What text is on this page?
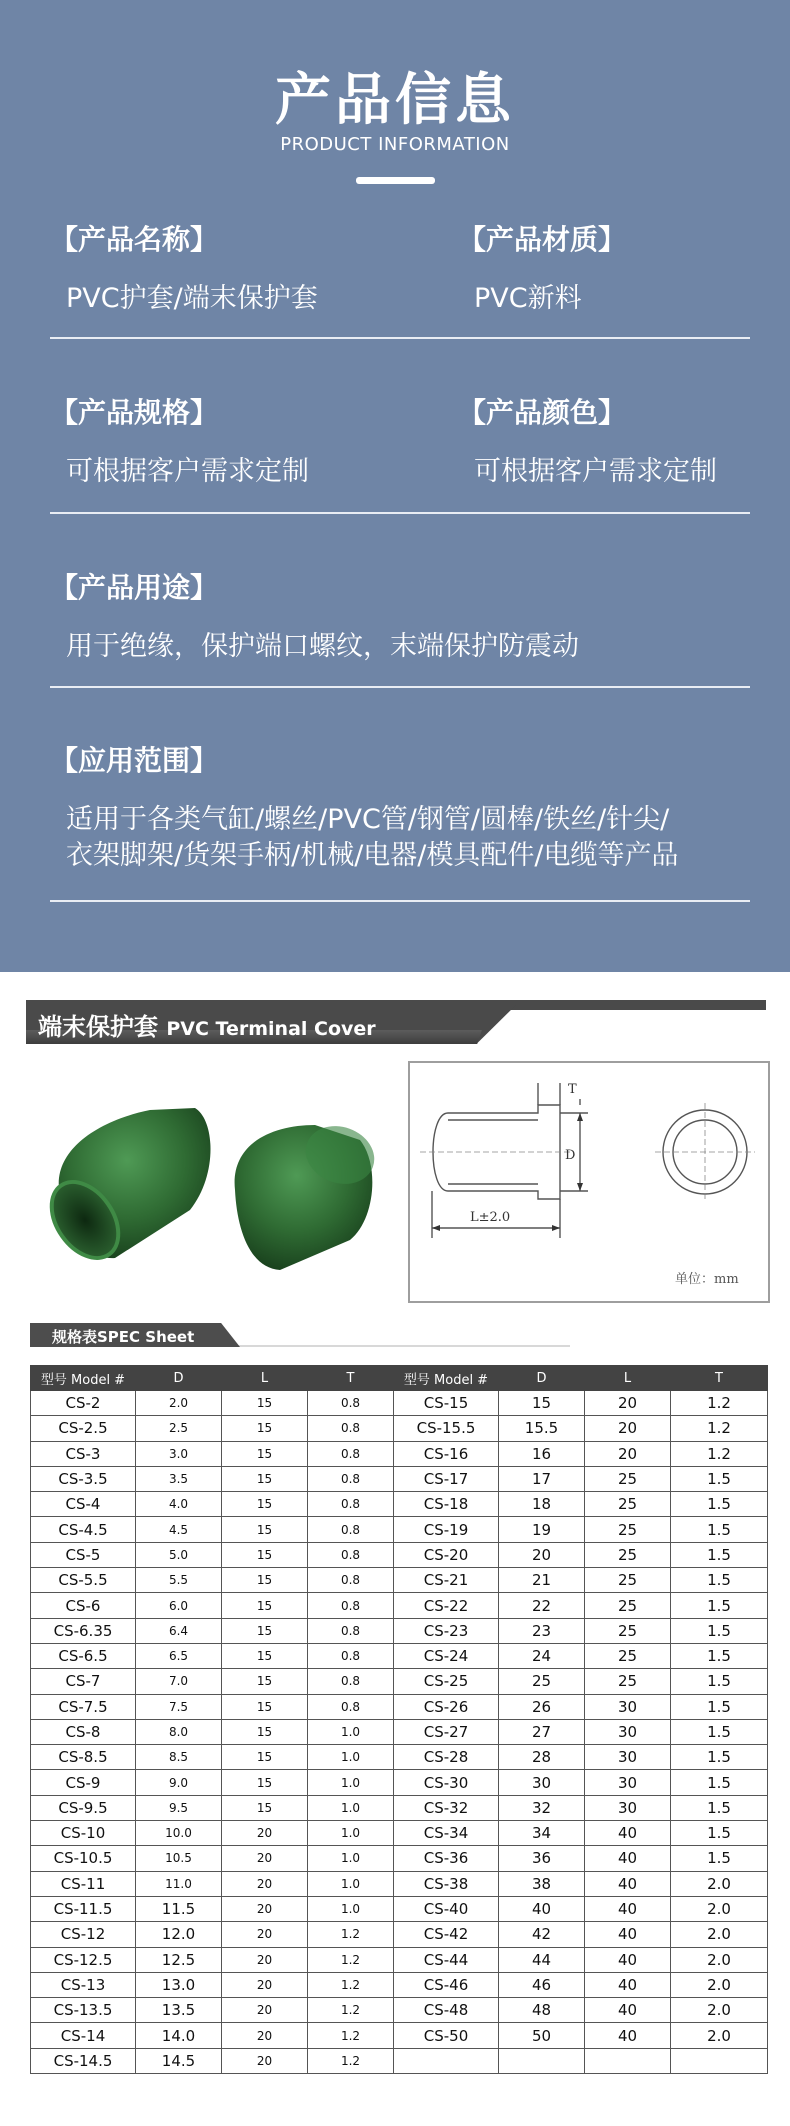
产品信息
PRODUCT INFORMATION
【产品名称】
PVC护套/端末保护套
【产品材质】
PVC新料
【产品规格】
可根据客户需求定制
【产品颜色】
可根据客户需求定制
【产品用途】
用于绝缘，保护端口螺纹，末端保护防震动
【应用范围】
适用于各类气缸/螺丝/PVC管/钢管/圆棒/铁丝/针尖/
衣架脚架/货架手柄/机械/电器/模具配件/电缆等产品
端末保护套 PVC Terminal Cover
T
D
L±2.0
单位：mm
规格表SPEC Sheet
型号 Model #	D	L	T	型号 Model #	D	L	T
CS-2	2.0	15	0.8	CS-15	15	20	1.2
CS-2.5	2.5	15	0.8	CS-15.5	15.5	20	1.2
CS-3	3.0	15	0.8	CS-16	16	20	1.2
CS-3.5	3.5	15	0.8	CS-17	17	25	1.5
CS-4	4.0	15	0.8	CS-18	18	25	1.5
CS-4.5	4.5	15	0.8	CS-19	19	25	1.5
CS-5	5.0	15	0.8	CS-20	20	25	1.5
CS-5.5	5.5	15	0.8	CS-21	21	25	1.5
CS-6	6.0	15	0.8	CS-22	22	25	1.5
CS-6.35	6.4	15	0.8	CS-23	23	25	1.5
CS-6.5	6.5	15	0.8	CS-24	24	25	1.5
CS-7	7.0	15	0.8	CS-25	25	25	1.5
CS-7.5	7.5	15	0.8	CS-26	26	30	1.5
CS-8	8.0	15	1.0	CS-27	27	30	1.5
CS-8.5	8.5	15	1.0	CS-28	28	30	1.5
CS-9	9.0	15	1.0	CS-30	30	30	1.5
CS-9.5	9.5	15	1.0	CS-32	32	30	1.5
CS-10	10.0	20	1.0	CS-34	34	40	1.5
CS-10.5	10.5	20	1.0	CS-36	36	40	1.5
CS-11	11.0	20	1.0	CS-38	38	40	2.0
CS-11.5	11.5	20	1.0	CS-40	40	40	2.0
CS-12	12.0	20	1.2	CS-42	42	40	2.0
CS-12.5	12.5	20	1.2	CS-44	44	40	2.0
CS-13	13.0	20	1.2	CS-46	46	40	2.0
CS-13.5	13.5	20	1.2	CS-48	48	40	2.0
CS-14	14.0	20	1.2	CS-50	50	40	2.0
CS-14.5	14.5	20	1.2				
